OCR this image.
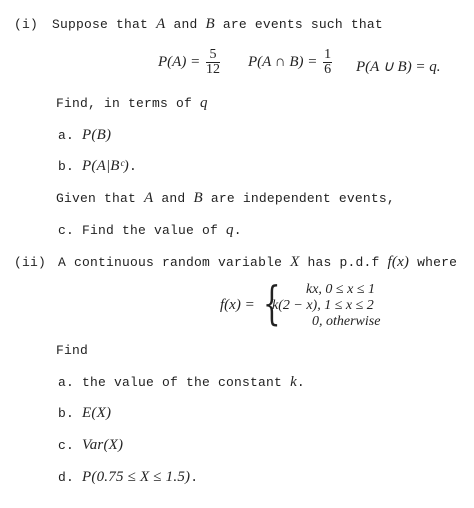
(i) Suppose that A and B are events such that
$P(A) = \frac{5}{12} P(A$ ∩ $B) = \frac{1}{6} P(A$ ∪ B) = q.
Find, in terms of q
a. P(B)
b. P(A|Bᶜ).
Given that A and B are independent events,
c. Find the value of q.
(ii) A continuous random variable X has p.d.f f(x) where
f(x) = { kx, 0 ≤ x ≤ 1
k(2 − x), 1 ≤ x ≤ 2
0, otherwise
Find
a. the value of the constant k.
b. E(X)
c. Var(X)
d. P(0.75 ≤ X ≤ 1.5).
